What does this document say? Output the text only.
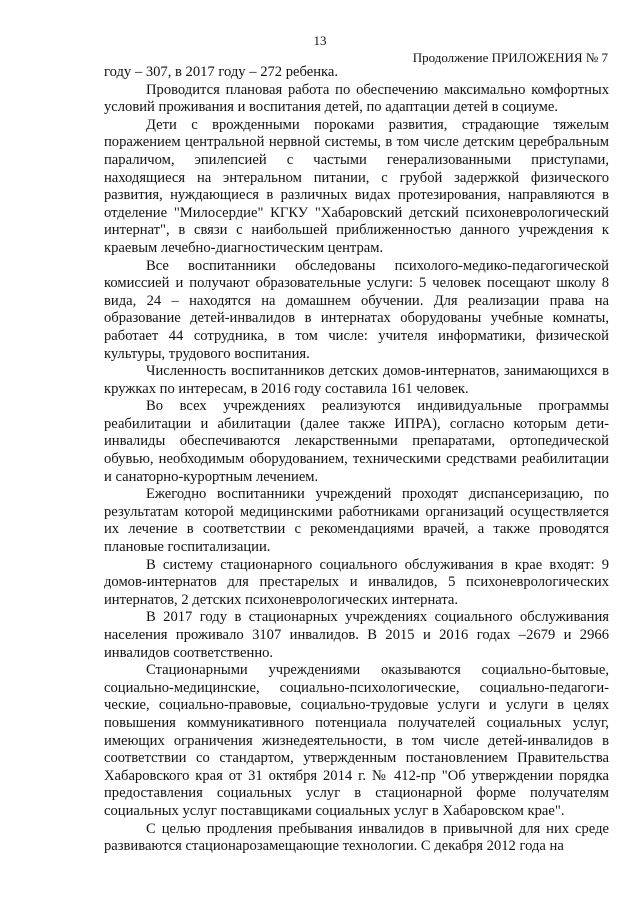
13
Продолжение ПРИЛОЖЕНИЯ № 7

году – 307, в 2017 году – 272 ребенка.

Проводится плановая работа по обеспечению максимально комфортных условий проживания и воспитания детей, по адаптации детей в социуме.

Дети с врожденными пороками развития, страдающие тяжелым поражением центральной нервной системы, в том числе детским церебральным параличом, эпилепсией с частыми генерализованными приступами, находящиеся на энтеральном питании, с грубой задержкой физического развития, нуждающиеся в различных видах протезирования, направляются в отделение "Милосердие" КГКУ "Хабаровский детский психоневрологический интернат", в связи с наибольшей приближенностью данного учреждения к краевым лечебно-диагностическим центрам.

Все воспитанники обследованы психолого-медико-педагогической комиссией и получают образовательные услуги: 5 человек посещают школу 8 вида, 24 – находятся на домашнем обучении. Для реализации права на образование детей-инвалидов в интернатах оборудованы учебные комнаты, работает 44 сотрудника, в том числе: учителя информатики, физической культуры, трудового воспитания.

Численность воспитанников детских домов-интернатов, занимающихся в кружках по интересам, в 2016 году составила 161 человек.

Во всех учреждениях реализуются индивидуальные программы реабилитации и абилитации (далее также ИПРА), согласно которым дети-инвалиды обеспечиваются лекарственными препаратами, ортопедической обувью, необходимым оборудованием, техническими средствами реабилитации и санаторно-курортным лечением.

Ежегодно воспитанники учреждений проходят диспансеризацию, по результатам которой медицинскими работниками организаций осуществляется их лечение в соответствии с рекомендациями врачей, а также проводятся плановые госпитализации.

В систему стационарного социального обслуживания в крае входят: 9 домов-интернатов для престарелых и инвалидов, 5 психоневрологических интернатов, 2 детских психоневрологических интерната.

В 2017 году в стационарных учреждениях социального обслуживания населения проживало 3107 инвалидов. В 2015 и 2016 годах –2679 и 2966 инвалидов соответственно.

Стационарными учреждениями оказываются социально-бытовые, социально-медицинские, социально-психологические, социально-педагоги- ческие, социально-правовые, социально-трудовые услуги и услуги в целях повышения коммуникативного потенциала получателей социальных услуг, имеющих ограничения жизнедеятельности, в том числе детей-инвалидов в соответствии со стандартом, утвержденным постановлением Правительства Хабаровского края от 31 октября 2014 г. № 412-пр "Об утверждении порядка предоставления социальных услуг в стационарной форме получателям социальных услуг поставщиками социальных услуг в Хабаровском крае".

С целью продления пребывания инвалидов в привычной для них среде развиваются стационарозамещающие технологии. С декабря 2012 года на
